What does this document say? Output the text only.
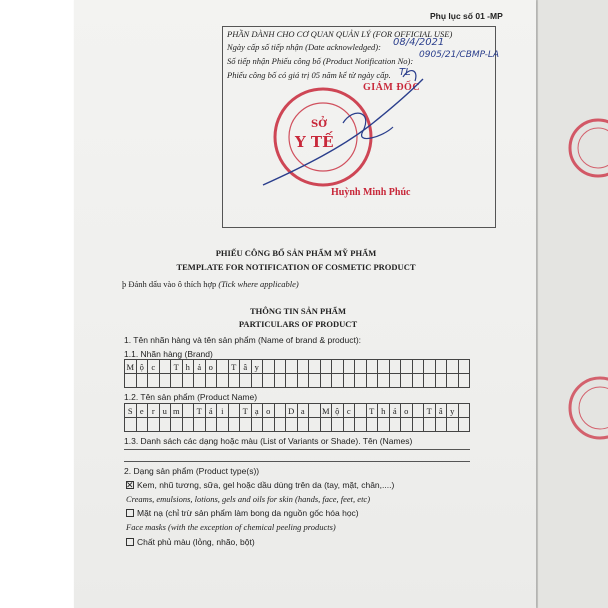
Phụ lục số 01 -MP
PHẦN DÀNH CHO CƠ QUAN QUẢN LÝ (FOR OFFICIAL USE)
Ngày cấp số tiếp nhận (Date acknowledged): 08/4/2021
Số tiếp nhận Phiếu công bố (Product Notification No):
0905/21/CBMP-LA
Phiếu công bố có giá trị 05 năm kể từ ngày cấp. TL
GIÁM ĐỐC
SỞ
Y TẾ
Huỳnh Minh Phúc
PHIẾU CÔNG BỐ SẢN PHẨM MỸ PHẨM
TEMPLATE FOR NOTIFICATION OF COSMETIC PRODUCT
þ Đánh dấu vào ô thích hợp (Tick where applicable)
THÔNG TIN SẢN PHẨM
PARTICULARS OF PRODUCT
1. Tên nhãn hàng và tên sản phẩm (Name of brand & product):
1.1. Nhãn hàng (Brand)
M ộ c	T h ả o	T â y
1.2. Tên sản phẩm (Product Name)
S e r u m	T á i	T ạ o	D a	M ộ c	T h ả o	T â y
1.3. Danh sách các dạng hoặc màu (List of Variants or Shade). Tên (Names)
2. Dạng sản phẩm (Product type(s))
✕Kem, nhũ tương, sữa, gel hoặc dầu dùng trên da (tay, mặt, chân,....)
Creams, emulsions, lotions, gels and oils for skin (hands, face, feet, etc)
Mặt nạ (chỉ trừ sản phẩm làm bong da nguồn gốc hóa học)
Face masks (with the exception of chemical peeling products)
Chất phủ màu (lỏng, nhão, bột)
